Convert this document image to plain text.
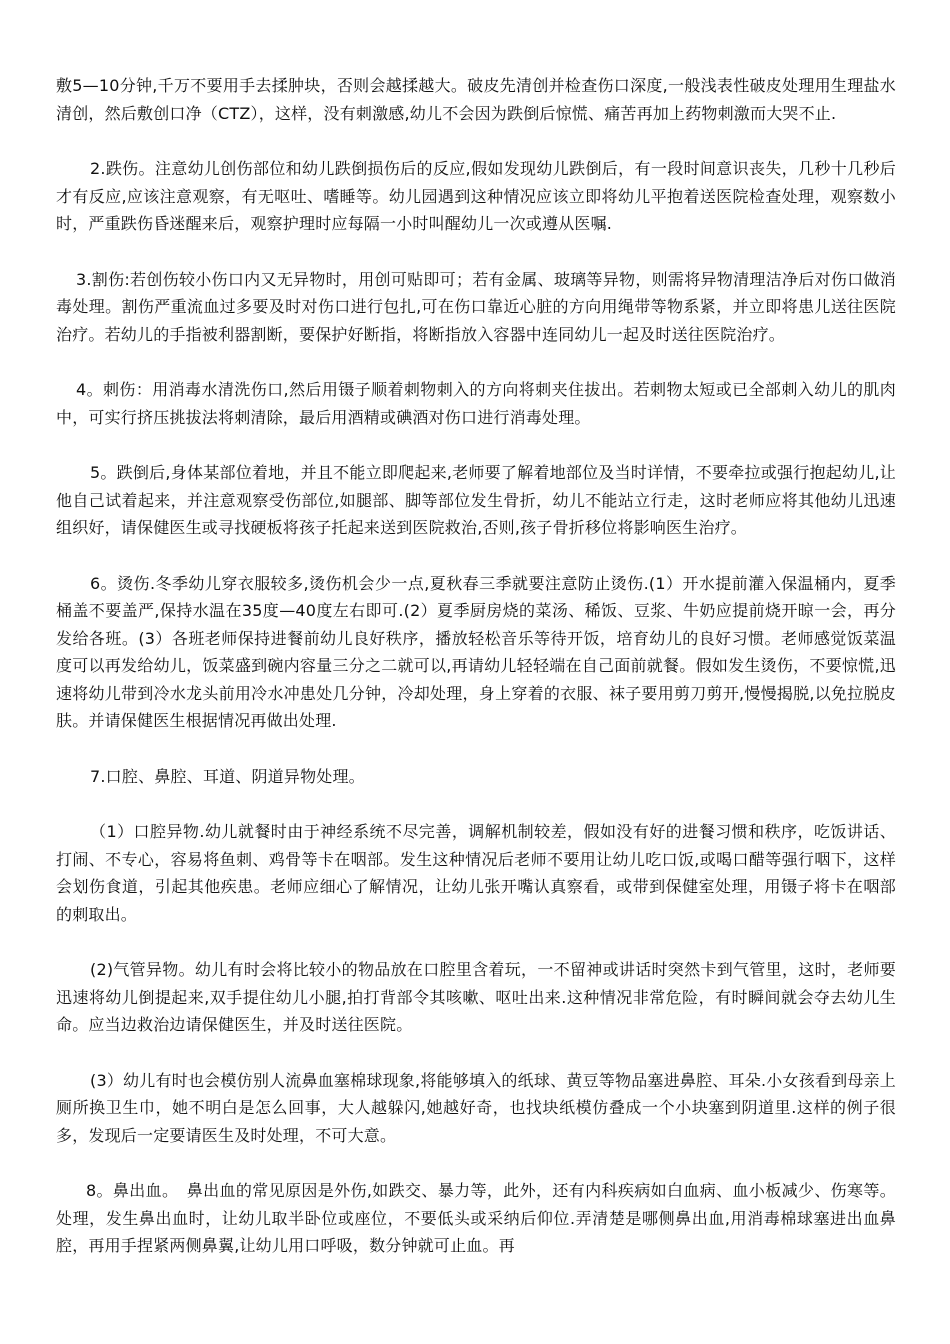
敷5—10分钟,千万不要用手去揉肿块，否则会越揉越大。破皮先清创并检查伤口深度,一般浅表性破皮处理用生理盐水清创，然后敷创口净（CTZ），这样，没有刺激感,幼儿不会因为跌倒后惊慌、痛苦再加上药物刺激而大哭不止.

2.跌伤。注意幼儿创伤部位和幼儿跌倒损伤后的反应,假如发现幼儿跌倒后，有一段时间意识丧失，几秒十几秒后才有反应,应该注意观察，有无呕吐、嗜睡等。幼儿园遇到这种情况应该立即将幼儿平抱着送医院检查处理，观察数小时，严重跌伤昏迷醒来后，观察护理时应每隔一小时叫醒幼儿一次或遵从医嘱.

3.割伤:若创伤较小伤口内又无异物时，用创可贴即可；若有金属、玻璃等异物，则需将异物清理洁净后对伤口做消毒处理。割伤严重流血过多要及时对伤口进行包扎,可在伤口靠近心脏的方向用绳带等物系紧，并立即将患儿送往医院治疗。若幼儿的手指被利器割断，要保护好断指，将断指放入容器中连同幼儿一起及时送往医院治疗。

4。刺伤：用消毒水清洗伤口,然后用镊子顺着刺物刺入的方向将刺夹住拔出。若刺物太短或已全部刺入幼儿的肌肉中，可实行挤压挑拔法将刺清除，最后用酒精或碘酒对伤口进行消毒处理。

5。跌倒后,身体某部位着地，并且不能立即爬起来,老师要了解着地部位及当时详情，不要牵拉或强行抱起幼儿,让他自己试着起来，并注意观察受伤部位,如腿部、脚等部位发生骨折，幼儿不能站立行走，这时老师应将其他幼儿迅速组织好，请保健医生或寻找硬板将孩子托起来送到医院救治,否则,孩子骨折移位将影响医生治疗。

6。烫伤.冬季幼儿穿衣服较多,烫伤机会少一点,夏秋春三季就要注意防止烫伤.(1）开水提前灌入保温桶内，夏季桶盖不要盖严,保持水温在35度—40度左右即可.(2）夏季厨房烧的菜汤、稀饭、豆浆、牛奶应提前烧开晾一会，再分发给各班。(3）各班老师保持进餐前幼儿良好秩序，播放轻松音乐等待开饭，培育幼儿的良好习惯。老师感觉饭菜温度可以再发给幼儿，饭菜盛到碗内容量三分之二就可以,再请幼儿轻轻端在自己面前就餐。假如发生烫伤，不要惊慌,迅速将幼儿带到冷水龙头前用冷水冲患处几分钟，冷却处理，身上穿着的衣服、袜子要用剪刀剪开,慢慢揭脱,以免拉脱皮肤。并请保健医生根据情况再做出处理.

7.口腔、鼻腔、耳道、阴道异物处理。

（1）口腔异物.幼儿就餐时由于神经系统不尽完善，调解机制较差，假如没有好的进餐习惯和秩序，吃饭讲话、打闹、不专心，容易将鱼刺、鸡骨等卡在咽部。发生这种情况后老师不要用让幼儿吃口饭,或喝口醋等强行咽下，这样会划伤食道，引起其他疾患。老师应细心了解情况，让幼儿张开嘴认真察看，或带到保健室处理，用镊子将卡在咽部的刺取出。

(2)气管异物。幼儿有时会将比较小的物品放在口腔里含着玩，一不留神或讲话时突然卡到气管里，这时，老师要迅速将幼儿倒提起来,双手提住幼儿小腿,拍打背部令其咳嗽、呕吐出来.这种情况非常危险，有时瞬间就会夺去幼儿生命。应当边救治边请保健医生，并及时送往医院。

(3）幼儿有时也会模仿别人流鼻血塞棉球现象,将能够填入的纸球、黄豆等物品塞进鼻腔、耳朵.小女孩看到母亲上厕所换卫生巾，她不明白是怎么回事，大人越躲闪,她越好奇，也找块纸模仿叠成一个小块塞到阴道里.这样的例子很多，发现后一定要请医生及时处理，不可大意。

8。鼻出血。　鼻出血的常见原因是外伤,如跌交、暴力等，此外，还有内科疾病如白血病、血小板减少、伤寒等。处理，发生鼻出血时，让幼儿取半卧位或座位，不要低头或采纳后仰位.弄清楚是哪侧鼻出血,用消毒棉球塞进出血鼻腔，再用手捏紧两侧鼻翼,让幼儿用口呼吸，数分钟就可止血。再
